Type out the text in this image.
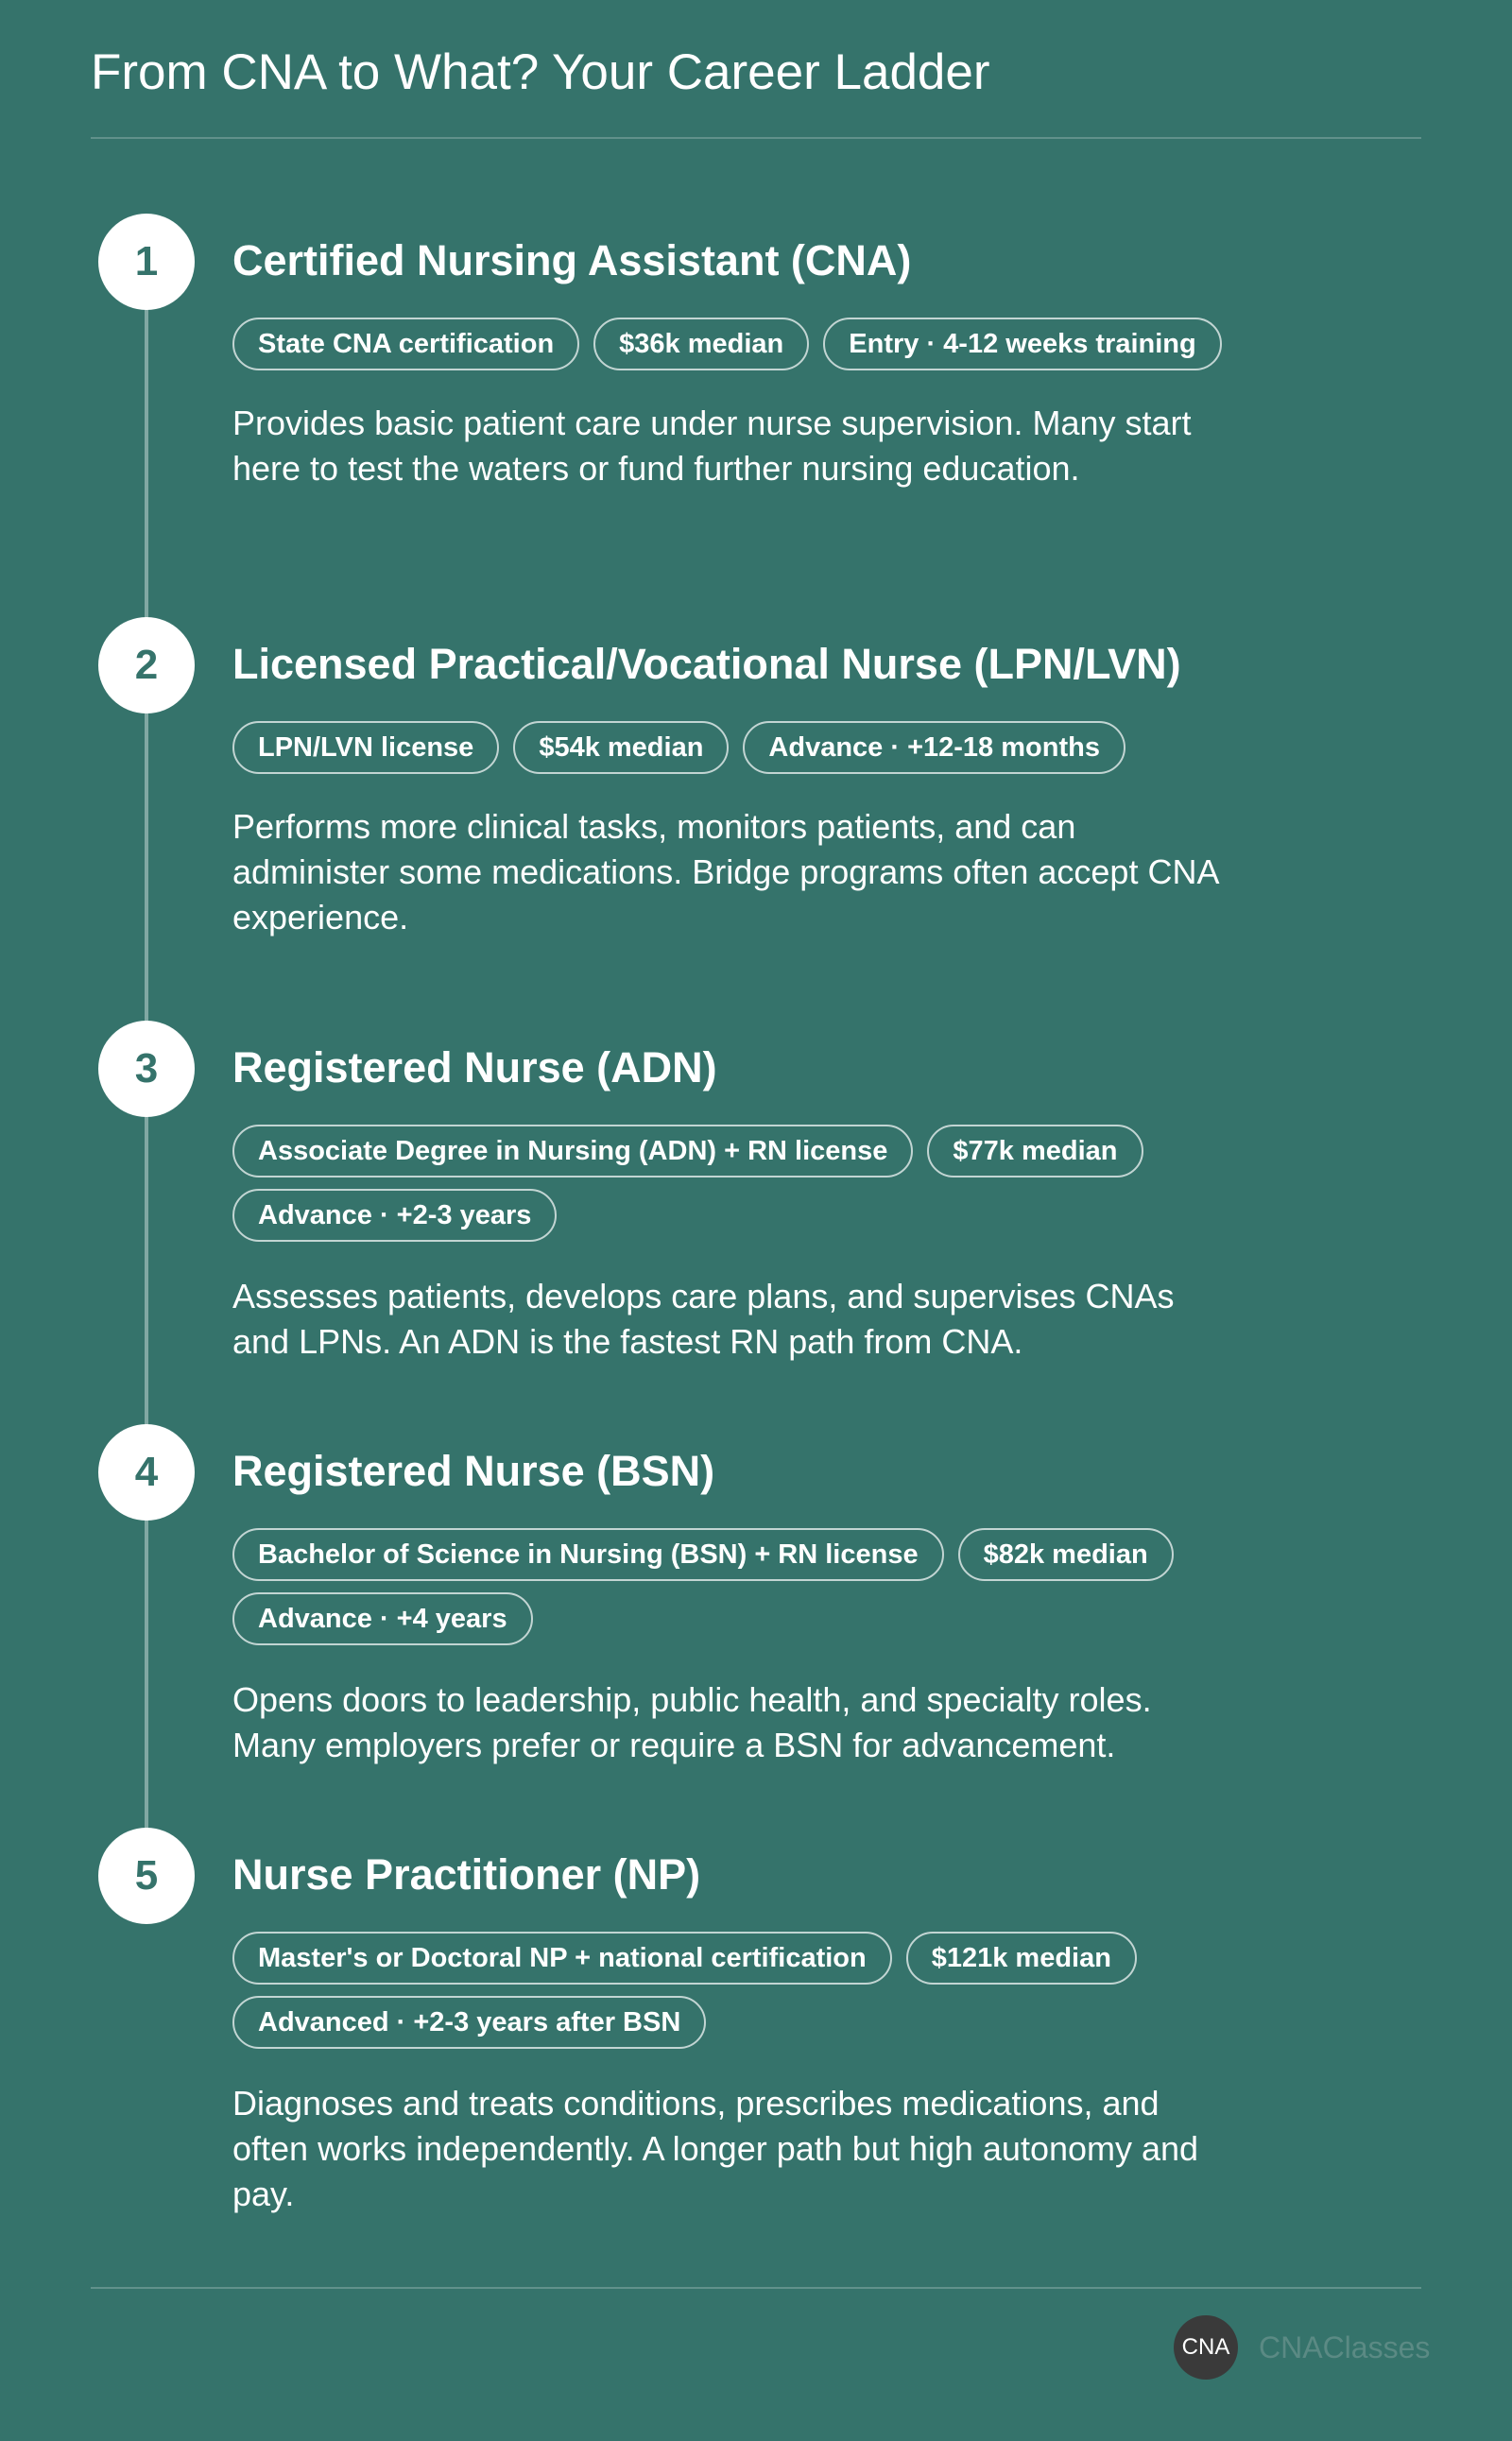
From CNA to What? Your Career Ladder
1	Certified Nursing Assistant (CNA)
State CNA certification	$36k median	Entry · 4-12 weeks training
Provides basic patient care under nurse supervision. Many start here to test the waters or fund further nursing education.
2	Licensed Practical/Vocational Nurse (LPN/LVN)
LPN/LVN license	$54k median	Advance · +12-18 months
Performs more clinical tasks, monitors patients, and can administer some medications. Bridge programs often accept CNA experience.
3	Registered Nurse (ADN)
Associate Degree in Nursing (ADN) + RN license	$77k median
Advance · +2-3 years
Assesses patients, develops care plans, and supervises CNAs and LPNs. An ADN is the fastest RN path from CNA.
4	Registered Nurse (BSN)
Bachelor of Science in Nursing (BSN) + RN license	$82k median
Advance · +4 years
Opens doors to leadership, public health, and specialty roles. Many employers prefer or require a BSN for advancement.
5	Nurse Practitioner (NP)
Master's or Doctoral NP + national certification	$121k median
Advanced · +2-3 years after BSN
Diagnoses and treats conditions, prescribes medications, and often works independently. A longer path but high autonomy and pay.
CNA CNAClasses
